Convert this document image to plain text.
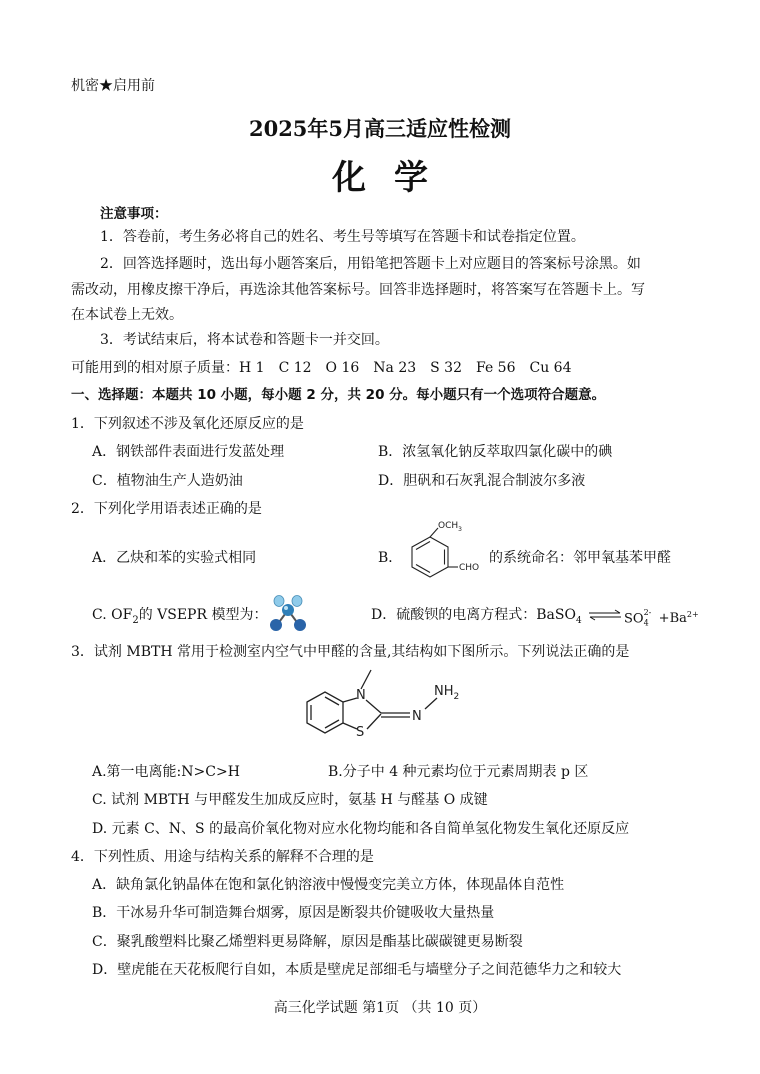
机密★启用前
2025年5月高三适应性检测
化学
注意事项：
1．答卷前，考生务必将自己的姓名、考生号等填写在答题卡和试卷指定位置。
2．回答选择题时，选出每小题答案后，用铅笔把答题卡上对应题目的答案标号涂黑。如
需改动，用橡皮擦干净后，再选涂其他答案标号。回答非选择题时，将答案写在答题卡上。写
在本试卷上无效。
3．考试结束后，将本试卷和答题卡一并交回。
可能用到的相对原子质量：H 1　C 12　O 16　Na 23　S 32　Fe 56　Cu 64
一、选择题：本题共 10 小题，每小题 2 分，共 20 分。每小题只有一个选项符合题意。
1．下列叙述不涉及氧化还原反应的是
A．钢铁部件表面进行发蓝处理	B．浓氢氧化钠反萃取四氯化碳中的碘
C．植物油生产人造奶油	D．胆矾和石灰乳混合制波尔多液
2．下列化学用语表述正确的是
A．乙炔和苯的实验式相同	B．
$OCH_3$
CHO
的系统命名：邻甲氧基苯甲醛
C. $OF_2$的 VSEPR 模型为：	D．硫酸钡的电离方程式：BaSO$_4$ ⇌ SO 2-
$_4 +Ba^{2+}$
3．试剂 MBTH 常用于检测室内空气中甲醛的含量,其结构如下图所示。下列说法正确的是
N
S
N
$NH_2$
A.第一电离能:N>C>H	B.分子中 4 种元素均位于元素周期表 p 区
C. 试剂 MBTH 与甲醛发生加成反应时，氨基 H 与醛基 O 成键
D. 元素 C、N、S 的最高价氧化物对应水化物均能和各自简单氢化物发生氧化还原反应
4．下列性质、用途与结构关系的解释不合理的是
A．缺角氯化钠晶体在饱和氯化钠溶液中慢慢变完美立方体，体现晶体自范性
B．干冰易升华可制造舞台烟雾，原因是断裂共价键吸收大量热量
C．聚乳酸塑料比聚乙烯塑料更易降解，原因是酯基比碳碳键更易断裂
D．壁虎能在天花板爬行自如，本质是壁虎足部细毛与墙壁分子之间范德华力之和较大
高三化学试题 第1页 （共 10 页）
